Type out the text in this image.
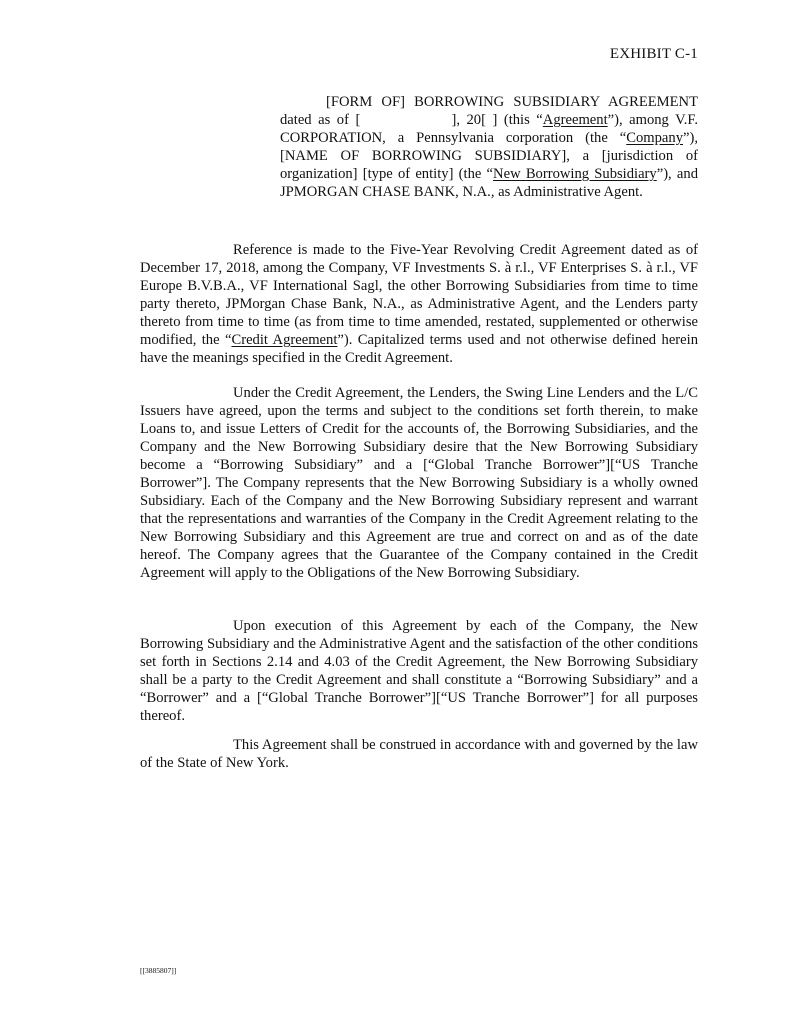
EXHIBIT C-1
[FORM OF] BORROWING SUBSIDIARY AGREEMENT dated as of [              ], 20[ ] (this “Agreement”), among V.F. CORPORATION, a Pennsylvania corporation (the “Company”), [NAME OF BORROWING SUBSIDIARY], a [jurisdiction of organization] [type of entity] (the “New Borrowing Subsidiary”), and JPMORGAN CHASE BANK, N.A., as Administrative Agent.
Reference is made to the Five-Year Revolving Credit Agreement dated as of December 17, 2018, among the Company, VF Investments S. à r.l., VF Enterprises S. à r.l., VF Europe B.V.B.A., VF International Sagl, the other Borrowing Subsidiaries from time to time party thereto, JPMorgan Chase Bank, N.A., as Administrative Agent, and the Lenders party thereto from time to time (as from time to time amended, restated, supplemented or otherwise modified, the “Credit Agreement”). Capitalized terms used and not otherwise defined herein have the meanings specified in the Credit Agreement.
Under the Credit Agreement, the Lenders, the Swing Line Lenders and the L/C Issuers have agreed, upon the terms and subject to the conditions set forth therein, to make Loans to, and issue Letters of Credit for the accounts of, the Borrowing Subsidiaries, and the Company and the New Borrowing Subsidiary desire that the New Borrowing Subsidiary become a “Borrowing Subsidiary” and a [“Global Tranche Borrower”][“US Tranche Borrower”]. The Company represents that the New Borrowing Subsidiary is a wholly owned Subsidiary. Each of the Company and the New Borrowing Subsidiary represent and warrant that the representations and warranties of the Company in the Credit Agreement relating to the New Borrowing Subsidiary and this Agreement are true and correct on and as of the date hereof. The Company agrees that the Guarantee of the Company contained in the Credit Agreement will apply to the Obligations of the New Borrowing Subsidiary.
Upon execution of this Agreement by each of the Company, the New Borrowing Subsidiary and the Administrative Agent and the satisfaction of the other conditions set forth in Sections 2.14 and 4.03 of the Credit Agreement, the New Borrowing Subsidiary shall be a party to the Credit Agreement and shall constitute a “Borrowing Subsidiary” and a “Borrower” and a [“Global Tranche Borrower”][“US Tranche Borrower”] for all purposes thereof.
This Agreement shall be construed in accordance with and governed by the law of the State of New York.
[[3885807]]
